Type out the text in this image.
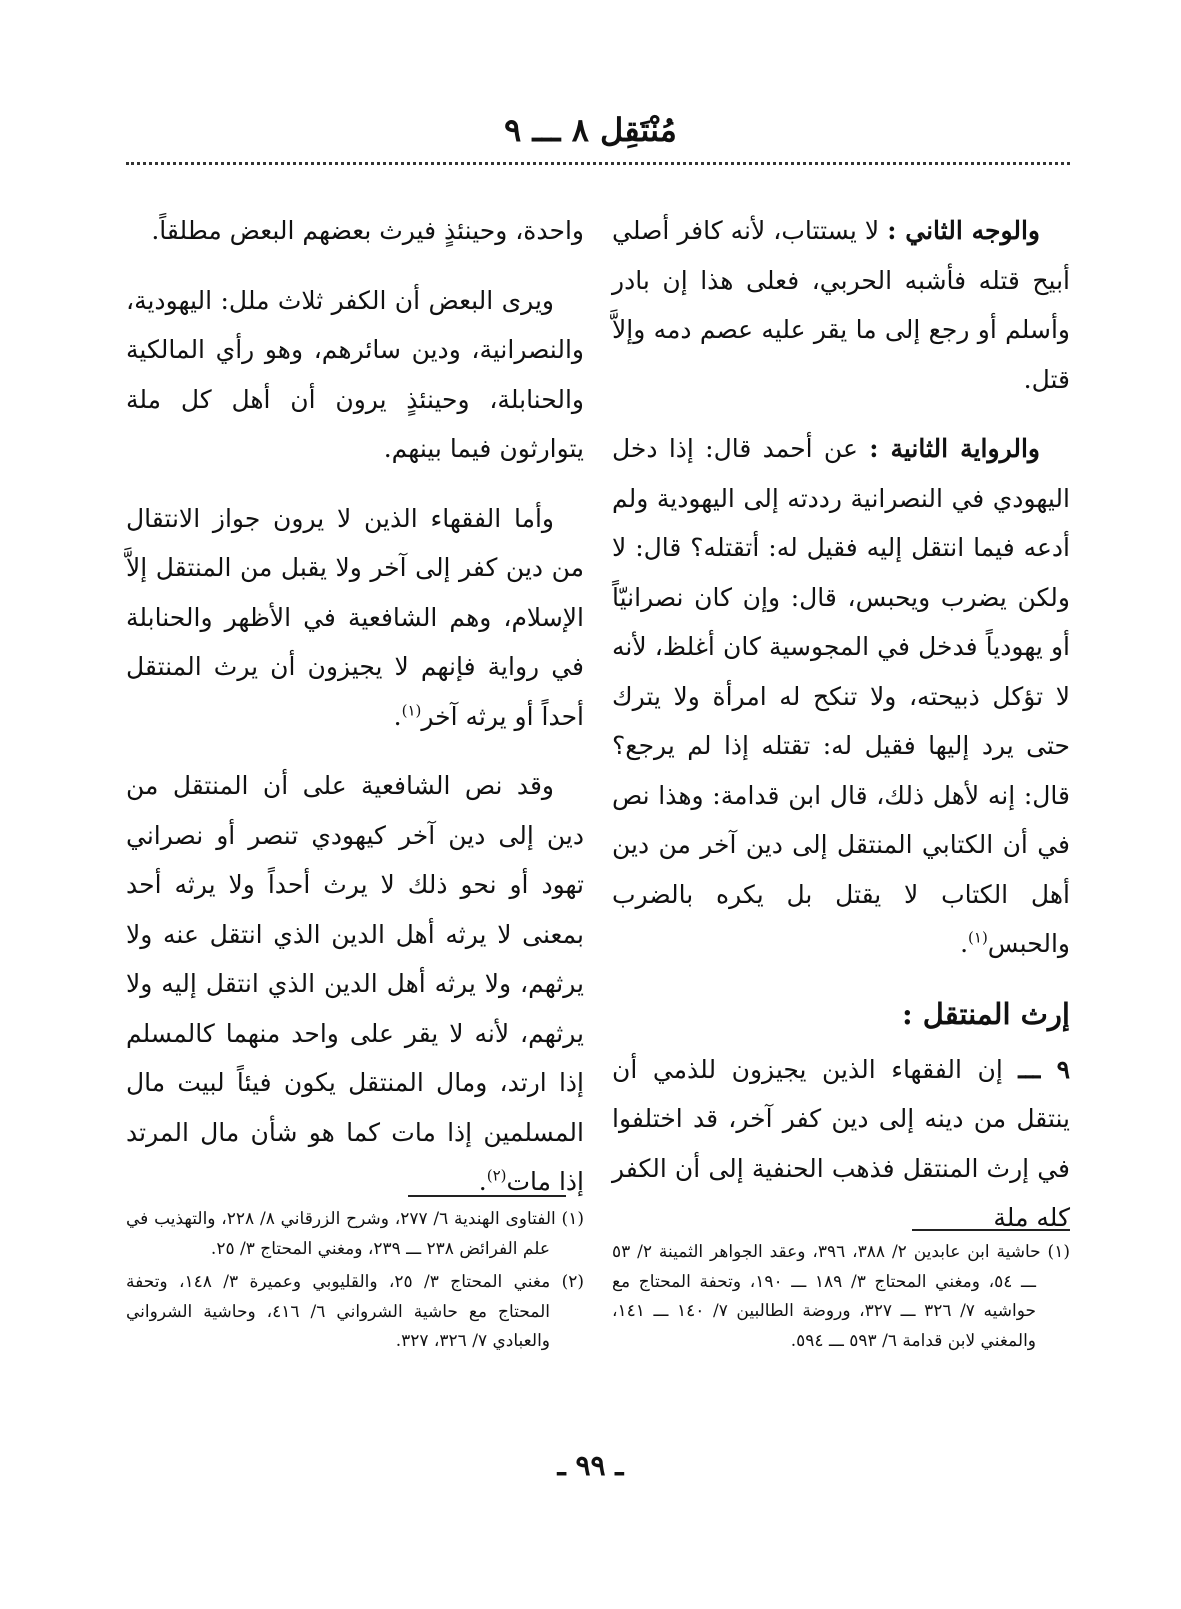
مُنْتَقِل ٨ ـــ ٩

والوجه الثاني : لا يستتاب، لأنه كافر أصلي أبيح قتله فأشبه الحربي، فعلى هذا إن بادر وأسلم أو رجع إلى ما يقر عليه عصم دمه وإلاَّ قتل.

والرواية الثانية : عن أحمد قال: إذا دخل اليهودي في النصرانية رددته إلى اليهودية ولم أدعه فيما انتقل إليه فقيل له: أتقتله؟ قال: لا ولكن يضرب ويحبس، قال: وإن كان نصرانيّاً أو يهودياً فدخل في المجوسية كان أغلظ، لأنه لا تؤكل ذبيحته، ولا تنكح له امرأة ولا يترك حتى يرد إليها فقيل له: تقتله إذا لم يرجع؟ قال: إنه لأهل ذلك، قال ابن قدامة: وهذا نص في أن الكتابي المنتقل إلى دين آخر من دين أهل الكتاب لا يقتل بل يكره بالضرب والحبس$^{(١)}$.

إرث المنتقل :

٩ ـــ إن الفقهاء الذين يجيزون للذمي أن ينتقل من دينه إلى دين كفر آخر، قد اختلفوا في إرث المنتقل فذهب الحنفية إلى أن الكفر كله ملة

واحدة، وحينئذٍ فيرث بعضهم البعض مطلقاً.

ويرى البعض أن الكفر ثلاث ملل: اليهودية، والنصرانية، ودين سائرهم، وهو رأي المالكية والحنابلة، وحينئذٍ يرون أن أهل كل ملة يتوارثون فيما بينهم.

وأما الفقهاء الذين لا يرون جواز الانتقال من دين كفر إلى آخر ولا يقبل من المنتقل إلاَّ الإسلام، وهم الشافعية في الأظهر والحنابلة في رواية فإنهم لا يجيزون أن يرث المنتقل أحداً أو يرثه آخر$^{(١)}$.

وقد نص الشافعية على أن المنتقل من دين إلى دين آخر كيهودي تنصر أو نصراني تهود أو نحو ذلك لا يرث أحداً ولا يرثه أحد بمعنى لا يرثه أهل الدين الذي انتقل عنه ولا يرثهم، ولا يرثه أهل الدين الذي انتقل إليه ولا يرثهم، لأنه لا يقر على واحد منهما كالمسلم إذا ارتد، ومال المنتقل يكون فيئاً لبيت مال المسلمين إذا مات كما هو شأن مال المرتد إذا مات$^{(٢)}$.

(١) حاشية ابن عابدين ٢/ ٣٨٨، ٣٩٦، وعقد الجواهر الثمينة ٢/ ٥٣ ـــ ٥٤، ومغني المحتاج ٣/ ١٨٩ ـــ ١٩٠، وتحفة المحتاج مع حواشيه ٧/ ٣٢٦ ـــ ٣٢٧، وروضة الطالبين ٧/ ١٤٠ ـــ ١٤١، والمغني لابن قدامة ٦/ ٥٩٣ ـــ ٥٩٤.

(١) الفتاوى الهندية ٦/ ٢٧٧، وشرح الزرقاني ٨/ ٢٢٨، والتهذيب في علم الفرائض ٢٣٨ ـــ ٢٣٩، ومغني المحتاج ٣/ ٢٥.

(٢) مغني المحتاج ٣/ ٢٥، والقليوبي وعميرة ٣/ ١٤٨، وتحفة المحتاج مع حاشية الشرواني ٦/ ٤١٦، وحاشية الشرواني والعبادي ٧/ ٣٢٦، ٣٢٧.

ـ ٩٩ ـ
